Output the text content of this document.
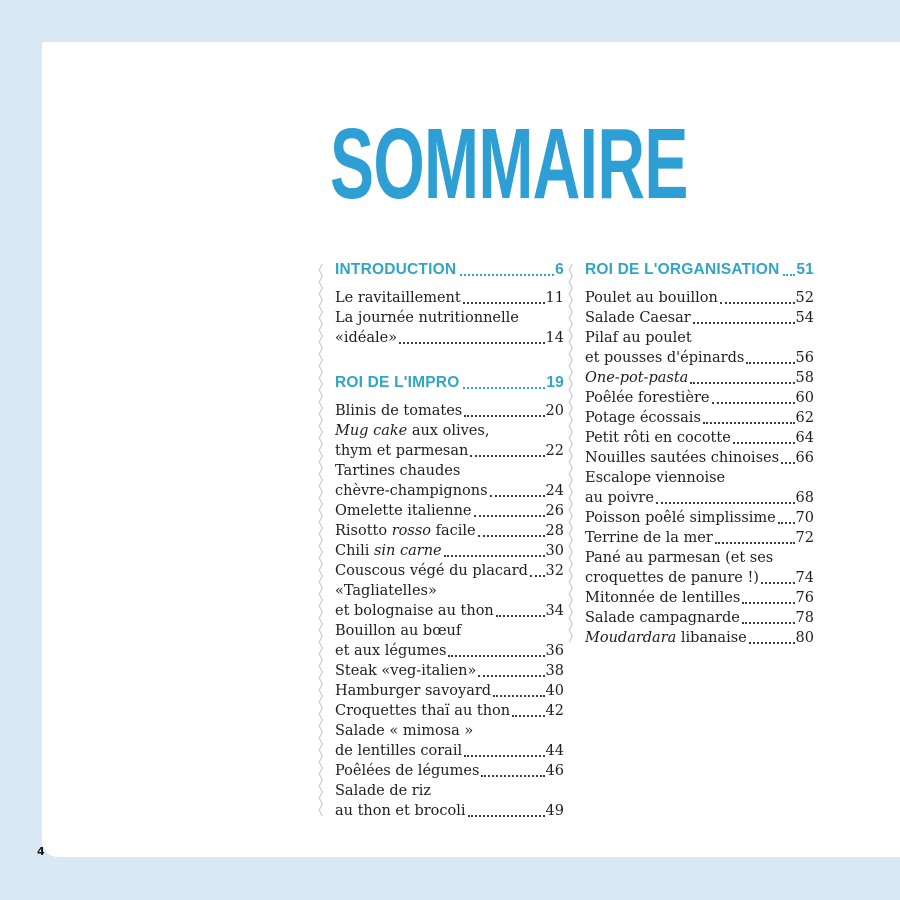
SOMMAIRE
INTRODUCTION	6
Le ravitaillement	11
La journée nutritionnelle
«idéale»	14
ROI DE L'IMPRO	19
Blinis de tomates	20
Mug cake aux olives,
thym et parmesan	22
Tartines chaudes
chèvre-champignons	24
Omelette italienne	26
Risotto rosso facile	28
Chili sin carne	30
Couscous végé du placard 32
«Tagliatelles»
et bolognaise au thon	34
Bouillon au bœuf
et aux légumes	36
Steak «veg-italien»	38
Hamburger savoyard	40
Croquettes thaï au thon 42
Salade « mimosa »
de lentilles corail	44
Poêlées de légumes	46
Salade de riz
au thon et brocoli	49
ROI DE L'ORGANISATION 51
Poulet au bouillon	52
Salade Caesar	54
Pilaf au poulet
et pousses d'épinards	56
One-pot-pasta	58
Poêlée forestière	60
Potage écossais	62
Petit rôti en cocotte	64
Nouilles sautées chinoises 66
Escalope viennoise
au poivre	68
Poisson poêlé simplissime 70
Terrine de la mer	72
Pané au parmesan (et ses
croquettes de panure !)	74
Mitonnée de lentilles	76
Salade campagnarde	78
Moudardara libanaise	80
4
